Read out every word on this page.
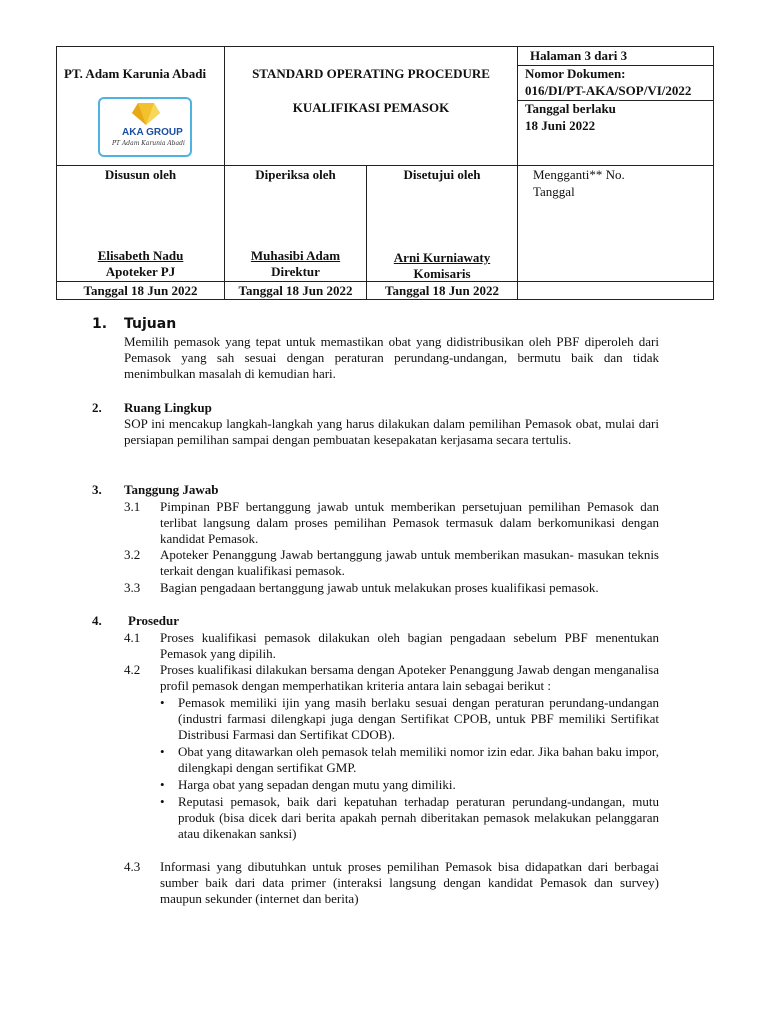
PT. Adam Karunia Abadi
AKA GROUP
PT Adam Karunia Abadi
STANDARD OPERATING PROCEDURE
KUALIFIKASI PEMASOK
Halaman 3 dari 3
Nomor Dokumen:
016/DI/PT-AKA/SOP/VI/2022
Tanggal berlaku
18 Juni 2022
Disusun oleh
Elisabeth Nadu
Apoteker PJ
Tanggal 18 Jun 2022
Diperiksa oleh
Muhasibi Adam
Direktur
Tanggal 18 Jun 2022
Disetujui oleh
Arni Kurniawaty
Komisaris
Tanggal 18 Jun 2022
Mengganti** No.
Tanggal
1. Tujuan
Memilih pemasok yang tepat untuk memastikan obat yang didistribusikan oleh PBF diperoleh dari Pemasok yang sah sesuai dengan peraturan perundang-undangan, bermutu baik dan tidak menimbulkan masalah di kemudian hari.
2. Ruang Lingkup
SOP ini mencakup langkah-langkah yang harus dilakukan dalam pemilihan Pemasok obat, mulai dari persiapan pemilihan sampai dengan pembuatan kesepakatan kerjasama secara tertulis.
3. Tanggung Jawab
3.1 Pimpinan PBF bertanggung jawab untuk memberikan persetujuan pemilihan Pemasok dan terlibat langsung dalam proses pemilihan Pemasok termasuk dalam berkomunikasi dengan kandidat Pemasok.
3.2 Apoteker Penanggung Jawab bertanggung jawab untuk memberikan masukan- masukan teknis terkait dengan kualifikasi pemasok.
3.3 Bagian pengadaan bertanggung jawab untuk melakukan proses kualifikasi pemasok.
4. Prosedur
4.1 Proses kualifikasi pemasok dilakukan oleh bagian pengadaan sebelum PBF menentukan Pemasok yang dipilih.
4.2 Proses kualifikasi dilakukan bersama dengan Apoteker Penanggung Jawab dengan menganalisa profil pemasok dengan memperhatikan kriteria antara lain sebagai berikut :
• Pemasok memiliki ijin yang masih berlaku sesuai dengan peraturan perundang-undangan (industri farmasi dilengkapi juga dengan Sertifikat CPOB, untuk PBF memiliki Sertifikat Distribusi Farmasi dan Sertifikat CDOB).
• Obat yang ditawarkan oleh pemasok telah memiliki nomor izin edar. Jika bahan baku impor, dilengkapi dengan sertifikat GMP.
• Harga obat yang sepadan dengan mutu yang dimiliki.
• Reputasi pemasok, baik dari kepatuhan terhadap peraturan perundang-undangan, mutu produk (bisa dicek dari berita apakah pernah diberitakan pemasok melakukan pelanggaran atau dikenakan sanksi)
4.3 Informasi yang dibutuhkan untuk proses pemilihan Pemasok bisa didapatkan dari berbagai sumber baik dari data primer (interaksi langsung dengan kandidat Pemasok dan survey) maupun sekunder (internet dan berita)
